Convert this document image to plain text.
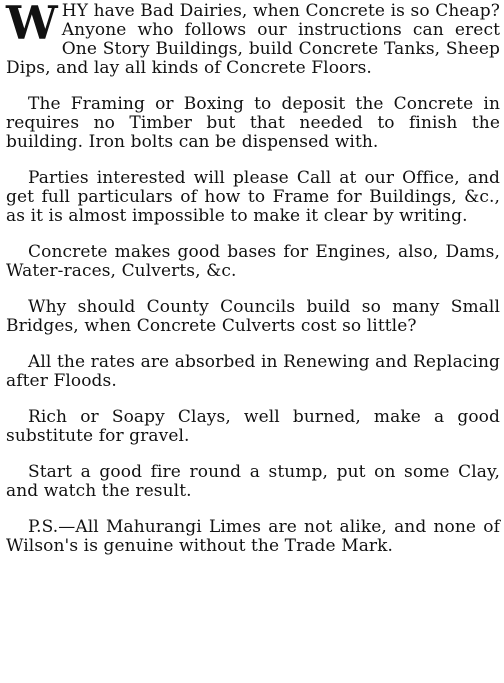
WHY have Bad Dairies, when Concrete is so Cheap? Anyone who follows our instructions can erect One Story Buildings, build Concrete Tanks, Sheep Dips, and lay all kinds of Concrete Floors.

The Framing or Boxing to deposit the Concrete in requires no Timber but that needed to finish the building. Iron bolts can be dispensed with.

Parties interested will please Call at our Office, and get full particulars of how to Frame for Buildings, &c., as it is almost impossible to make it clear by writing.

Concrete makes good bases for Engines, also, Dams, Water-races, Culverts, &c.

Why should County Councils build so many Small Bridges, when Concrete Culverts cost so little?

All the rates are absorbed in Renewing and Replacing after Floods.

Rich or Soapy Clays, well burned, make a good substitute for gravel.

Start a good fire round a stump, put on some Clay, and watch the result.

P.S.—All Mahurangi Limes are not alike, and none of Wilson's is genuine without the Trade Mark.
